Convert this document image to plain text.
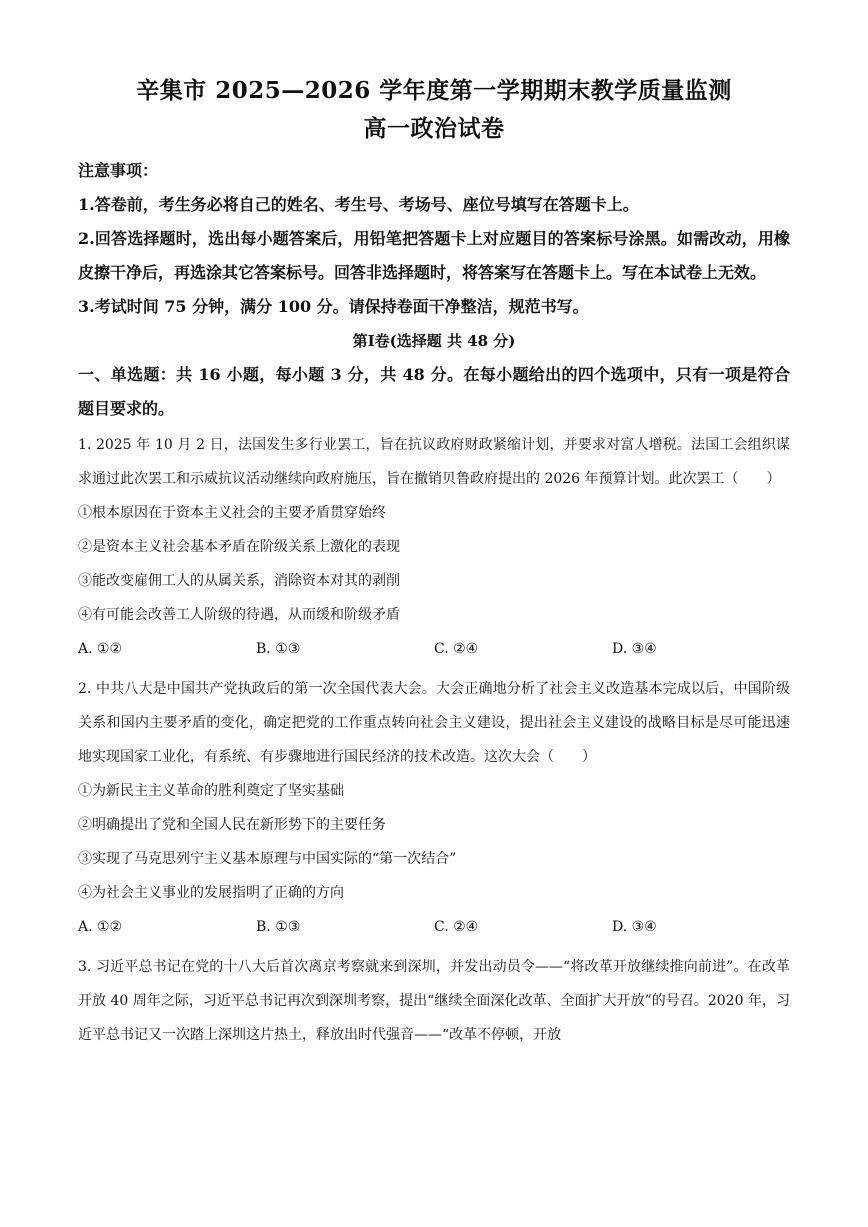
辛集市 2025—2026 学年度第一学期期末教学质量监测

高一政治试卷

注意事项：

1.答卷前，考生务必将自己的姓名、考生号、考场号、座位号填写在答题卡上。

2.回答选择题时，选出每小题答案后，用铅笔把答题卡上对应题目的答案标号涂黑。如需改动，用橡皮擦干净后，再选涂其它答案标号。回答非选择题时，将答案写在答题卡上。写在本试卷上无效。

3.考试时间 75 分钟，满分 100 分。请保持卷面干净整洁，规范书写。

第Ⅰ卷(选择题 共 48 分)

一、单选题：共 16 小题，每小题 3 分，共 48 分。在每小题给出的四个选项中，只有一项是符合题目要求的。

1. 2025 年 10 月 2 日，法国发生多行业罢工，旨在抗议政府财政紧缩计划，并要求对富人增税。法国工会组织谋求通过此次罢工和示威抗议活动继续向政府施压，旨在撤销贝鲁政府提出的 2026 年预算计划。此次罢工（　　）

①根本原因在于资本主义社会的主要矛盾贯穿始终

②是资本主义社会基本矛盾在阶级关系上激化的表现

③能改变雇佣工人的从属关系，消除资本对其的剥削

④有可能会改善工人阶级的待遇，从而缓和阶级矛盾

A. ①②	B. ①③	C. ②④	D. ③④

2. 中共八大是中国共产党执政后的第一次全国代表大会。大会正确地分析了社会主义改造基本完成以后，中国阶级关系和国内主要矛盾的变化，确定把党的工作重点转向社会主义建设，提出社会主义建设的战略目标是尽可能迅速地实现国家工业化，有系统、有步骤地进行国民经济的技术改造。这次大会（　　）

①为新民主主义革命的胜利奠定了坚实基础

②明确提出了党和全国人民在新形势下的主要任务

③实现了马克思列宁主义基本原理与中国实际的“第一次结合”

④为社会主义事业的发展指明了正确的方向

A. ①②	B. ①③	C. ②④	D. ③④

3. 习近平总书记在党的十八大后首次离京考察就来到深圳，并发出动员令——“将改革开放继续推向前进”。在改革开放 40 周年之际，习近平总书记再次到深圳考察，提出“继续全面深化改革、全面扩大开放”的号召。2020 年，习近平总书记又一次踏上深圳这片热土，释放出时代强音——“改革不停顿，开放
